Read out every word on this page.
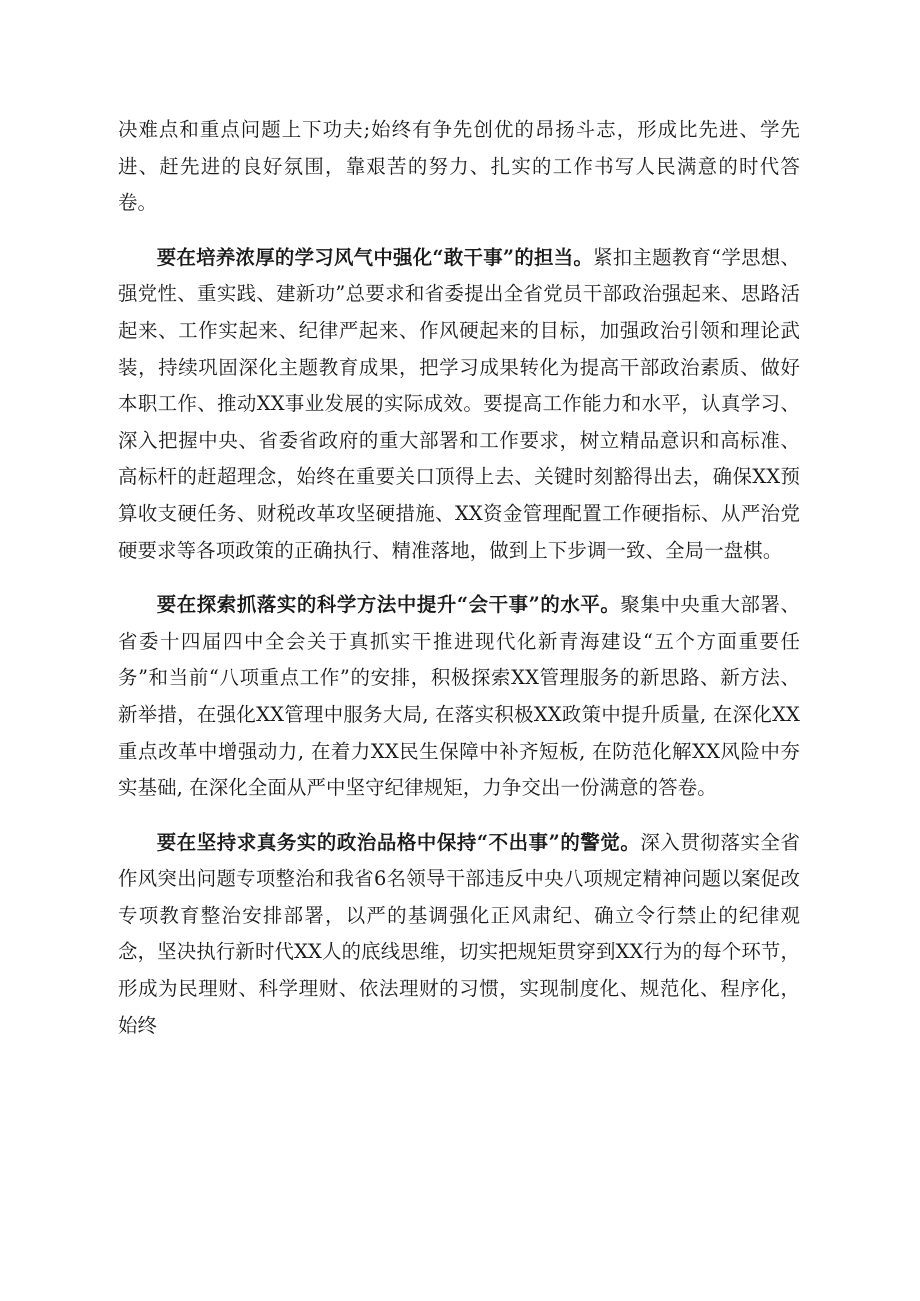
决难点和重点问题上下功夫;始终有争先创优的昂扬斗志，形成比先进、学先进、赶先进的良好氛围，靠艰苦的努力、扎实的工作书写人民满意的时代答卷。

要在培养浓厚的学习风气中强化“敢干事”的担当。紧扣主题教育“学思想、强党性、重实践、建新功”总要求和省委提出全省党员干部政治强起来、思路活起来、工作实起来、纪律严起来、作风硬起来的目标，加强政治引领和理论武装，持续巩固深化主题教育成果，把学习成果转化为提高干部政治素质、做好本职工作、推动XX事业发展的实际成效。要提高工作能力和水平，认真学习、深入把握中央、省委省政府的重大部署和工作要求，树立精品意识和高标准、高标杆的赶超理念，始终在重要关口顶得上去、关键时刻豁得出去，确保XX预算收支硬任务、财税改革攻坚硬措施、XX资金管理配置工作硬指标、从严治党硬要求等各项政策的正确执行、精准落地，做到上下步调一致、全局一盘棋。

要在探索抓落实的科学方法中提升“会干事”的水平。聚集中央重大部署、省委十四届四中全会关于真抓实干推进现代化新青海建设“五个方面重要任务”和当前“八项重点工作”的安排，积极探索XX管理服务的新思路、新方法、新举措，在强化XX管理中服务大局, 在落实积极XX政策中提升质量, 在深化XX重点改革中增强动力, 在着力XX民生保障中补齐短板, 在防范化解XX风险中夯实基础, 在深化全面从严中坚守纪律规矩，力争交出一份满意的答卷。

要在坚持求真务实的政治品格中保持“不出事”的警觉。深入贯彻落实全省作风突出问题专项整治和我省6名领导干部违反中央八项规定精神问题以案促改专项教育整治安排部署，以严的基调强化正风肃纪、确立令行禁止的纪律观念，坚决执行新时代XX人的底线思维，切实把规矩贯穿到XX行为的每个环节，形成为民理财、科学理财、依法理财的习惯，实现制度化、规范化、程序化，始终
